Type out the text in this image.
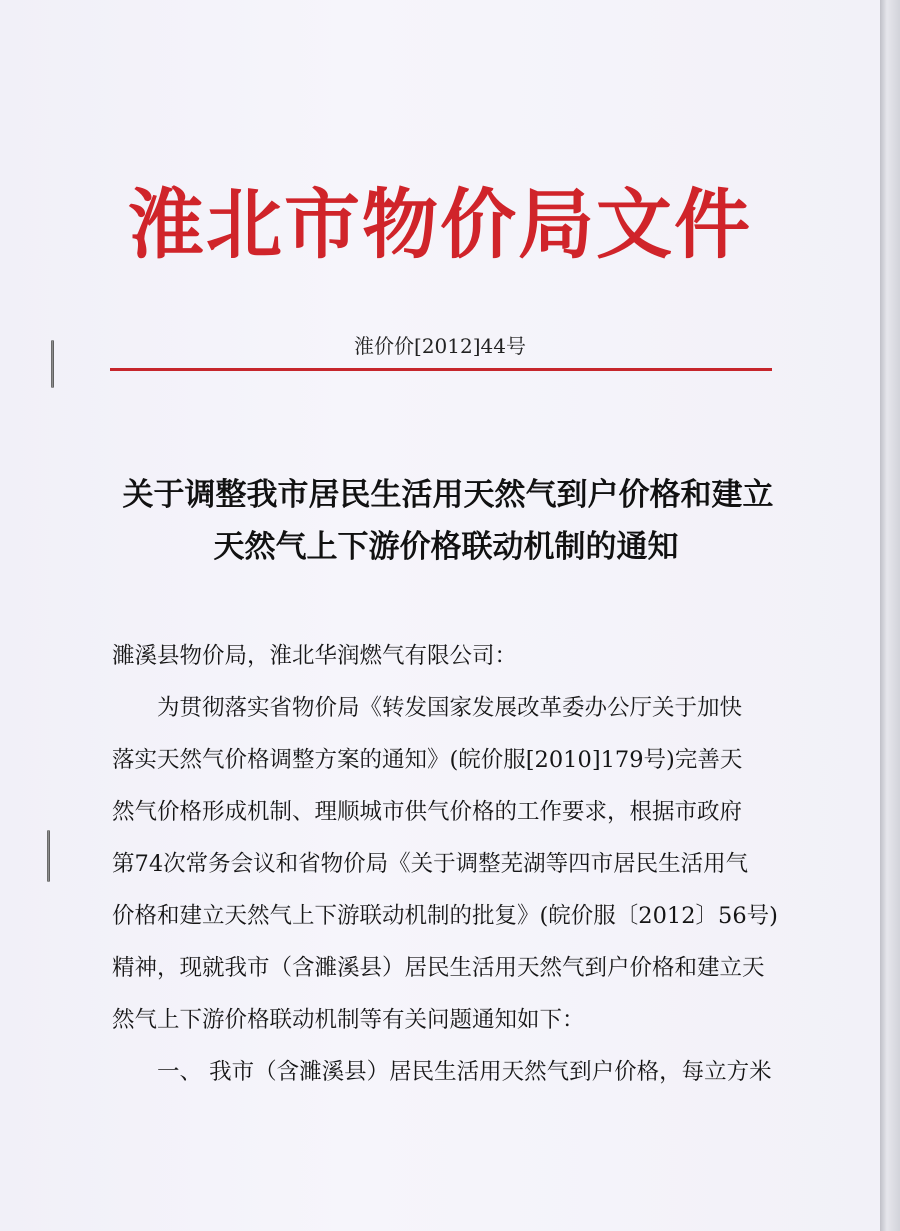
淮北市物价局文件
淮价价[2012]44号
关于调整我市居民生活用天然气到户价格和建立
天然气上下游价格联动机制的通知

濉溪县物价局，淮北华润燃气有限公司：

为贯彻落实省物价局《转发国家发展改革委办公厅关于加快

落实天然气价格调整方案的通知》(皖价服[2010]179号)完善天

然气价格形成机制、理顺城市供气价格的工作要求，根据市政府

第74次常务会议和省物价局《关于调整芜湖等四市居民生活用气

价格和建立天然气上下游联动机制的批复》(皖价服〔2012〕56号)

精神，现就我市（含濉溪县）居民生活用天然气到户价格和建立天

然气上下游价格联动机制等有关问题通知如下：

一、 我市（含濉溪县）居民生活用天然气到户价格，每立方米
